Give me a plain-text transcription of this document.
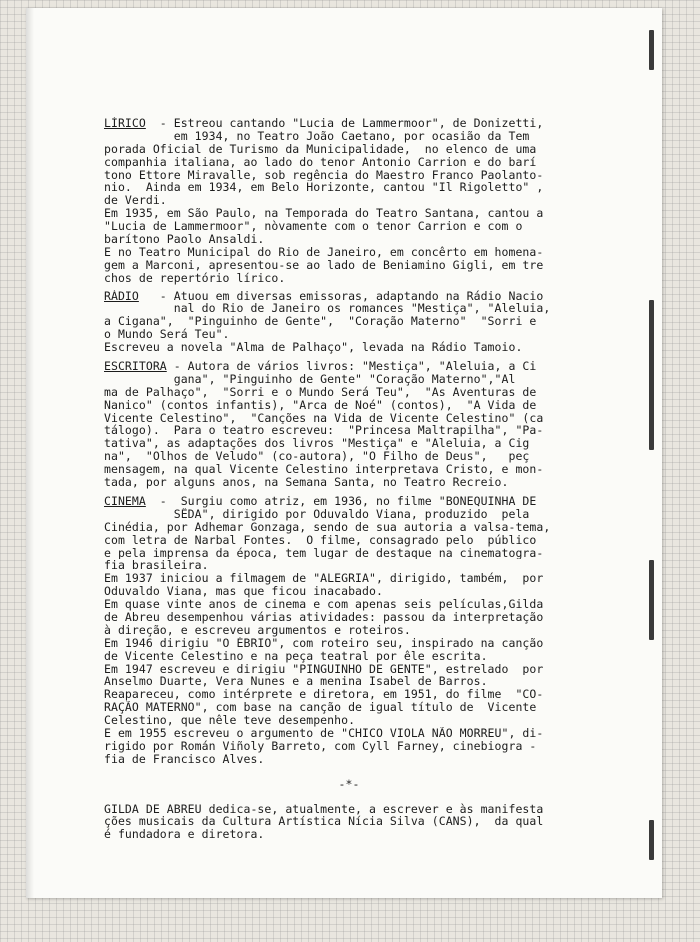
LÍRICO  - Estreou cantando "Lucia de Lammermoor", de Donizetti,
em 1934, no Teatro João Caetano, por ocasião da Tem
porada Oficial de Turismo da Municipalidade,  no elenco de uma
companhia italiana, ao lado do tenor Antonio Carrion e do barí
tono Ettore Miravalle, sob regência do Maestro Franco Paolanto-
nio.  Ainda em 1934, em Belo Horizonte, cantou "Il Rigoletto" ,
de Verdi.
Em 1935, em São Paulo, na Temporada do Teatro Santana, cantou a
"Lucia de Lammermoor", nòvamente com o tenor Carrion e com o
barítono Paolo Ansaldi.
E no Teatro Municipal do Rio de Janeiro, em concêrto em homena-
gem a Marconi, apresentou-se ao lado de Beniamino Gigli, em tre
chos de repertório lírico.
RÁDIO   - Atuou em diversas emissoras, adaptando na Rádio Nacio
nal do Rio de Janeiro os romances "Mestiça", "Aleluia,
a Cigana",  "Pinguinho de Gente",  "Coração Materno"  "Sorri e
o Mundo Será Teu".
Escreveu a novela "Alma de Palhaço", levada na Rádio Tamoio.
ESCRITORA - Autora de vários livros: "Mestiça", "Aleluia, a Ci
gana", "Pinguinho de Gente" "Coração Materno","Al
ma de Palhaço",  "Sorri e o Mundo Será Teu",  "As Aventuras de
Nanico" (contos infantis), "Arca de Noé" (contos),  "A Vida de
Vicente Celestino",  "Canções na Vida de Vicente Celestino" (ca
tálogo).  Para o teatro escreveu:  "Princesa Maltrapilha", "Pa-
tativa", as adaptações dos livros "Mestiça" e "Aleluia, a Cig
na",  "Olhos de Veludo" (co-autora), "O Filho de Deus",   peç
mensagem, na qual Vicente Celestino interpretava Cristo, e mon-
tada, por alguns anos, na Semana Santa, no Teatro Recreio.
CINEMA  -  Surgiu como atriz, em 1936, no filme "BONEQUINHA DE
SÊDA", dirigido por Oduvaldo Viana, produzido  pela
Cinédia, por Adhemar Gonzaga, sendo de sua autoria a valsa-tema,
com letra de Narbal Fontes.  O filme, consagrado pelo  público
e pela imprensa da época, tem lugar de destaque na cinematogra-
fia brasileira.
Em 1937 iniciou a filmagem de "ALEGRIA", dirigido, também,  por
Oduvaldo Viana, mas que ficou inacabado.
Em quase vinte anos de cinema e com apenas seis películas,Gilda
de Abreu desempenhou várias atividades: passou da interpretação
à direção, e escreveu argumentos e roteiros.
Em 1946 dirigiu "O ÉBRIO", com roteiro seu, inspirado na canção
de Vicente Celestino e na peça teatral por êle escrita.
Em 1947 escreveu e dirigiu "PINGUINHO DE GENTE", estrelado  por
Anselmo Duarte, Vera Nunes e a menina Isabel de Barros.
Reapareceu, como intérprete e diretora, em 1951, do filme  "CO-
RAÇÃO MATERNO", com base na canção de igual título de  Vicente
Celestino, que nêle teve desempenho.
E em 1955 escreveu o argumento de "CHICO VIOLA NÃO MORREU", di-
rigido por Román Viñoly Barreto, com Cyll Farney, cinebiogra -
fia de Francisco Alves.
-*-
GILDA DE ABREU dedica-se, atualmente, a escrever e às manifesta
ções musicais da Cultura Artística Nícia Silva (CANS),  da qual
é fundadora e diretora.
